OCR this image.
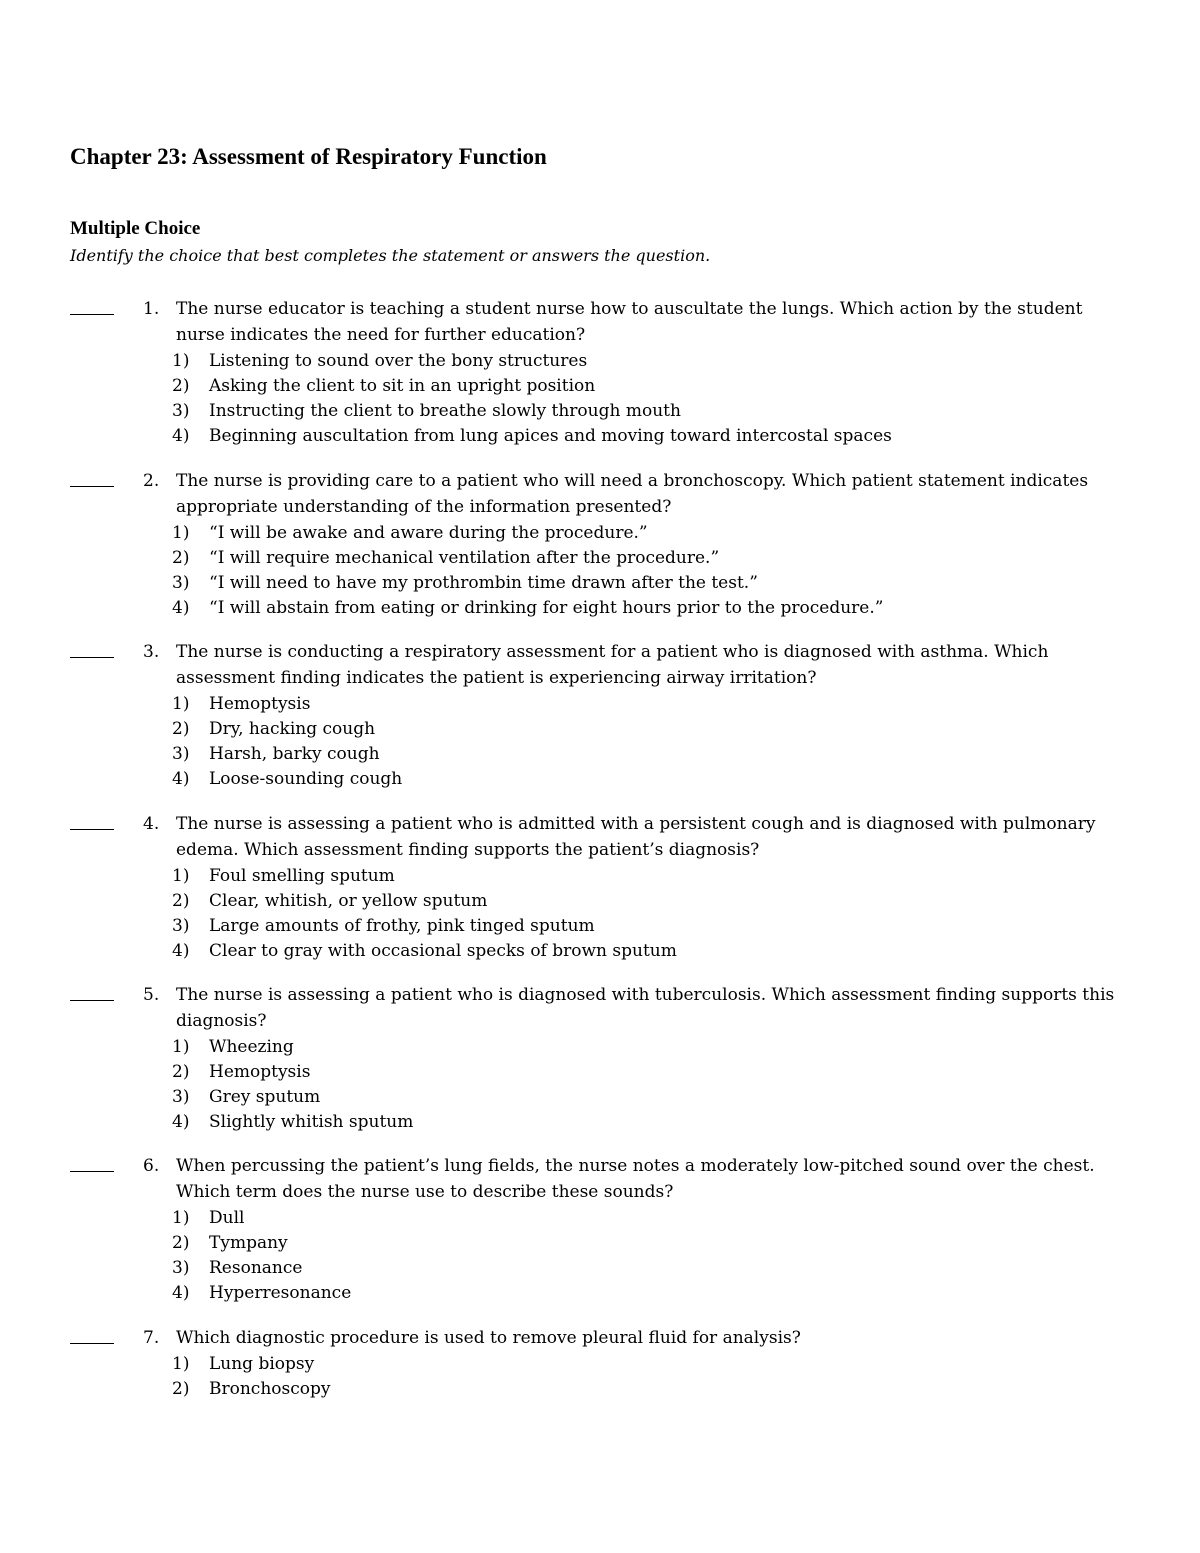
Chapter 23: Assessment of Respiratory Function
Multiple Choice
Identify the choice that best completes the statement or answers the question.
1. The nurse educator is teaching a student nurse how to auscultate the lungs. Which action by the student nurse indicates the need for further education?
1)	Listening to sound over the bony structures
2)	Asking the client to sit in an upright position
3)	Instructing the client to breathe slowly through mouth
4)	Beginning auscultation from lung apices and moving toward intercostal spaces
2. The nurse is providing care to a patient who will need a bronchoscopy. Which patient statement indicates appropriate understanding of the information presented?
1)	“I will be awake and aware during the procedure.”
2)	“I will require mechanical ventilation after the procedure.”
3)	“I will need to have my prothrombin time drawn after the test.”
4)	“I will abstain from eating or drinking for eight hours prior to the procedure.”
3. The nurse is conducting a respiratory assessment for a patient who is diagnosed with asthma. Which assessment finding indicates the patient is experiencing airway irritation?
1)	Hemoptysis
2)	Dry, hacking cough
3)	Harsh, barky cough
4)	Loose-sounding cough
4. The nurse is assessing a patient who is admitted with a persistent cough and is diagnosed with pulmonary edema. Which assessment finding supports the patient’s diagnosis?
1)	Foul smelling sputum
2)	Clear, whitish, or yellow sputum
3)	Large amounts of frothy, pink tinged sputum
4)	Clear to gray with occasional specks of brown sputum
5. The nurse is assessing a patient who is diagnosed with tuberculosis. Which assessment finding supports this diagnosis?
1)	Wheezing
2)	Hemoptysis
3)	Grey sputum
4)	Slightly whitish sputum
6. When percussing the patient’s lung fields, the nurse notes a moderately low-pitched sound over the chest. Which term does the nurse use to describe these sounds?
1)	Dull
2)	Tympany
3)	Resonance
4)	Hyperresonance
7. Which diagnostic procedure is used to remove pleural fluid for analysis?
1)	Lung biopsy
2)	Bronchoscopy
